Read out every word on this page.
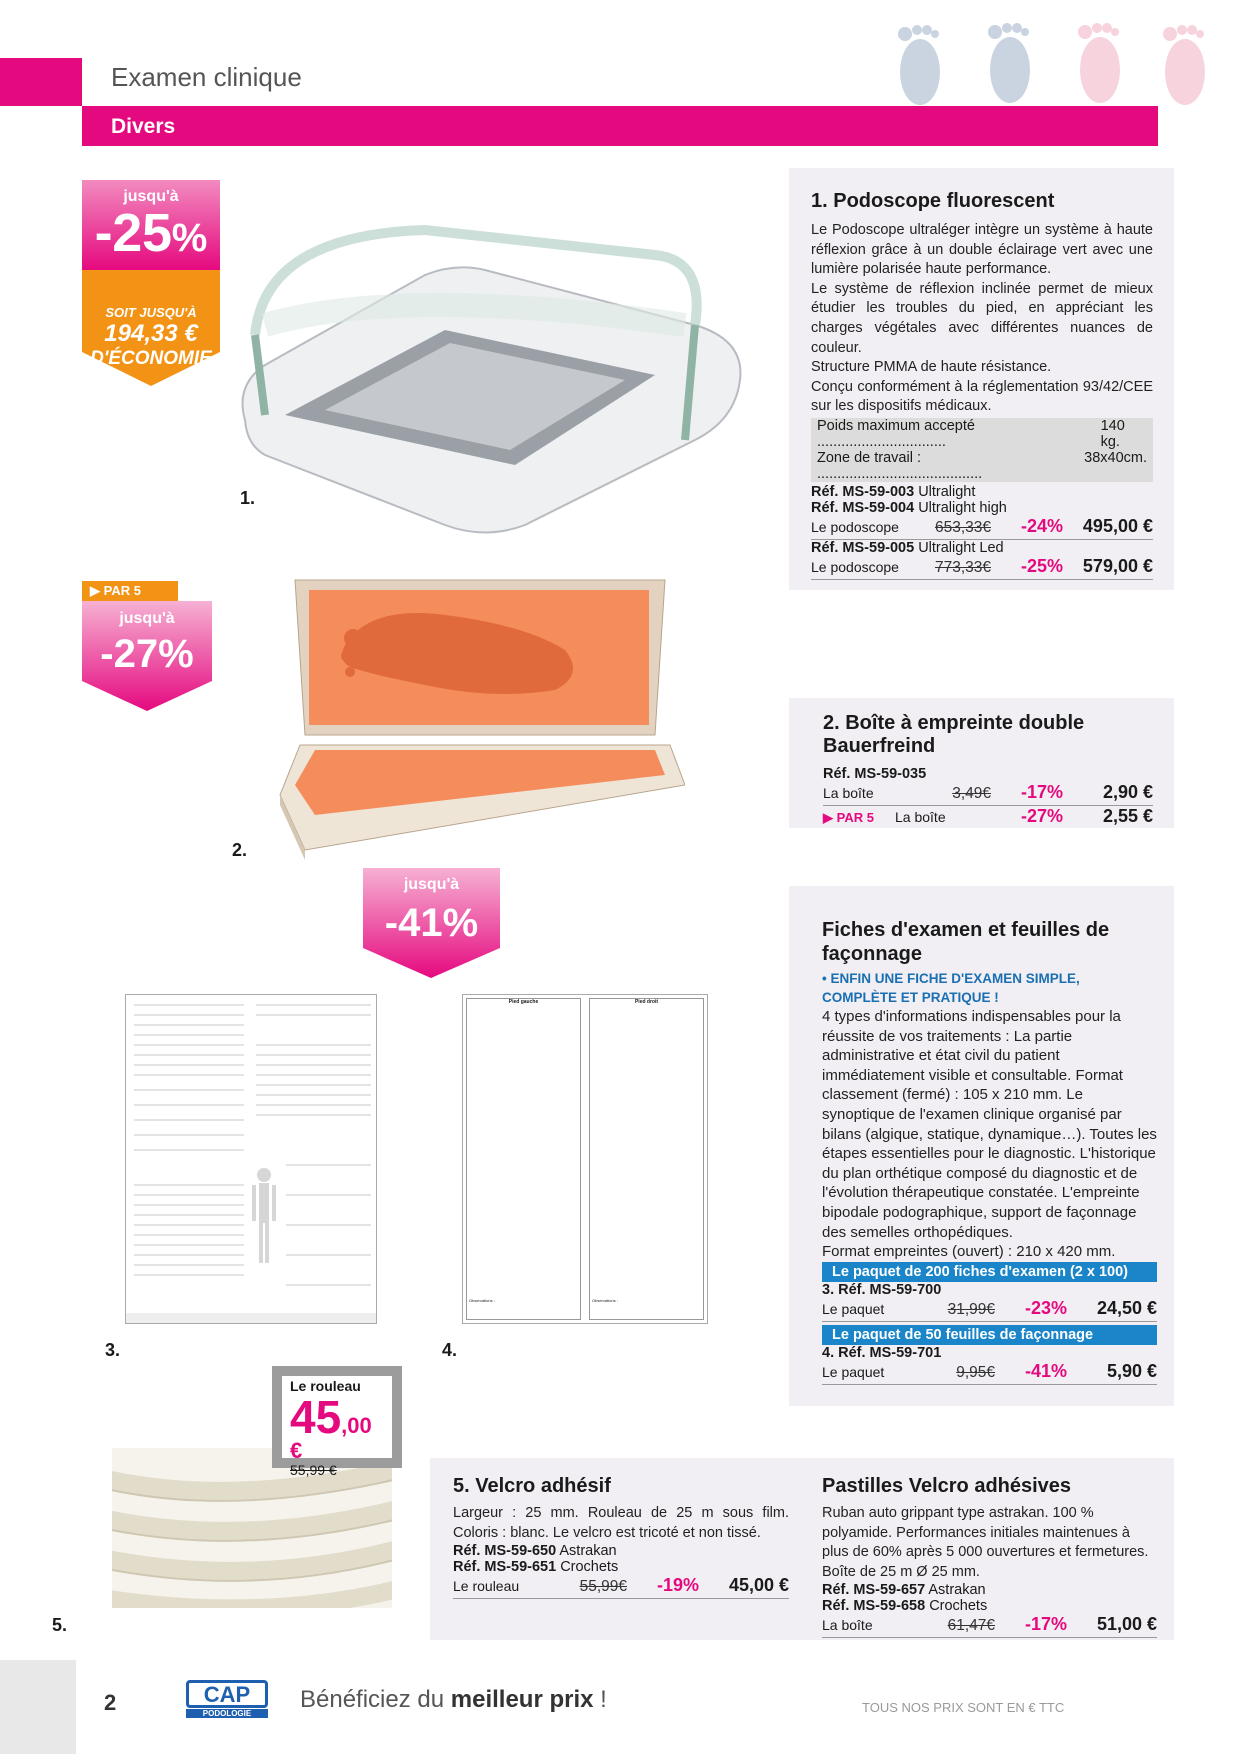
Examen clinique
Divers
jusqu'à
-25%
SOIT JUSQU'À
194,33 €
D'ÉCONOMIE
▶ PAR 5
jusqu'à
-27%
jusqu'à
-41%
1.
2.
3.
Pied gauche
Observations :
Pied droit
Observations :
4.
5.
Le rouleau
45,00 €
55,99 €
1. Podoscope fluorescent
Le Podoscope ultraléger intègre un système à haute réflexion grâce à un double éclairage vert avec une lumière polarisée haute performance.
Le système de réflexion inclinée permet de mieux étudier les troubles du pied, en appréciant les charges végétales avec différentes nuances de couleur.
Structure PMMA de haute résistance.
Conçu conformément à la réglementation 93/42/CEE sur les dispositifs médicaux.
Poids maximum accepté ................................
140 kg.
Zone de travail : .........................................
38x40cm.
Réf. MS-59-003 Ultralight
Réf. MS-59-004 Ultralight high
Le podoscope	653,33€	-24%	495,00 €
Réf. MS-59-005 Ultralight Led
Le podoscope	773,33€	-25%	579,00 €
2. Boîte à empreinte double Bauerfreind
Réf. MS-59-035
La boîte	3,49€	-17%	2,90 €
▶ PAR 5	La boîte	-27%	2,55 €
Fiches d'examen et feuilles de
façonnage
• ENFIN UNE FICHE D'EXAMEN SIMPLE, COMPLÈTE ET PRATIQUE !
4 types d'informations indispensables pour la réussite de vos traitements : La partie administrative et état civil du patient immédiatement visible et consultable. Format classement (fermé) : 105 x 210 mm. Le synoptique de l'examen clinique organisé par bilans (algique, statique, dynamique…). Toutes les étapes essentielles pour le diagnostic. L'historique du plan orthétique composé du diagnostic et de l'évolution thérapeutique constatée. L'empreinte bipodale podographique, support de façonnage des semelles orthopédiques.
Format empreintes (ouvert) : 210 x 420 mm.
Le paquet de 200 fiches d'examen (2 x 100)
3. Réf. MS-59-700
Le paquet	31,99€	-23%	24,50 €
Le paquet de 50 feuilles de façonnage
4. Réf. MS-59-701
Le paquet	9,95€	-41%	5,90 €
5. Velcro adhésif
Largeur : 25 mm. Rouleau de 25 m sous film. Coloris : blanc. Le velcro est tricoté et non tissé.
Réf. MS-59-650 Astrakan
Réf. MS-59-651 Crochets
Le rouleau	55,99€	-19%	45,00 €
Pastilles Velcro adhésives
Ruban auto grippant type astrakan. 100 % polyamide. Performances initiales maintenues à plus de 60% après 5 000 ouvertures et fermetures. Boîte de 25 m Ø 25 mm.
Réf. MS-59-657 Astrakan
Réf. MS-59-658 Crochets
La boîte	61,47€	-17%	51,00 €
2	CAP
PODOLOGIE
Bénéficiez du meilleur prix !	TOUS NOS PRIX SONT EN € TTC
